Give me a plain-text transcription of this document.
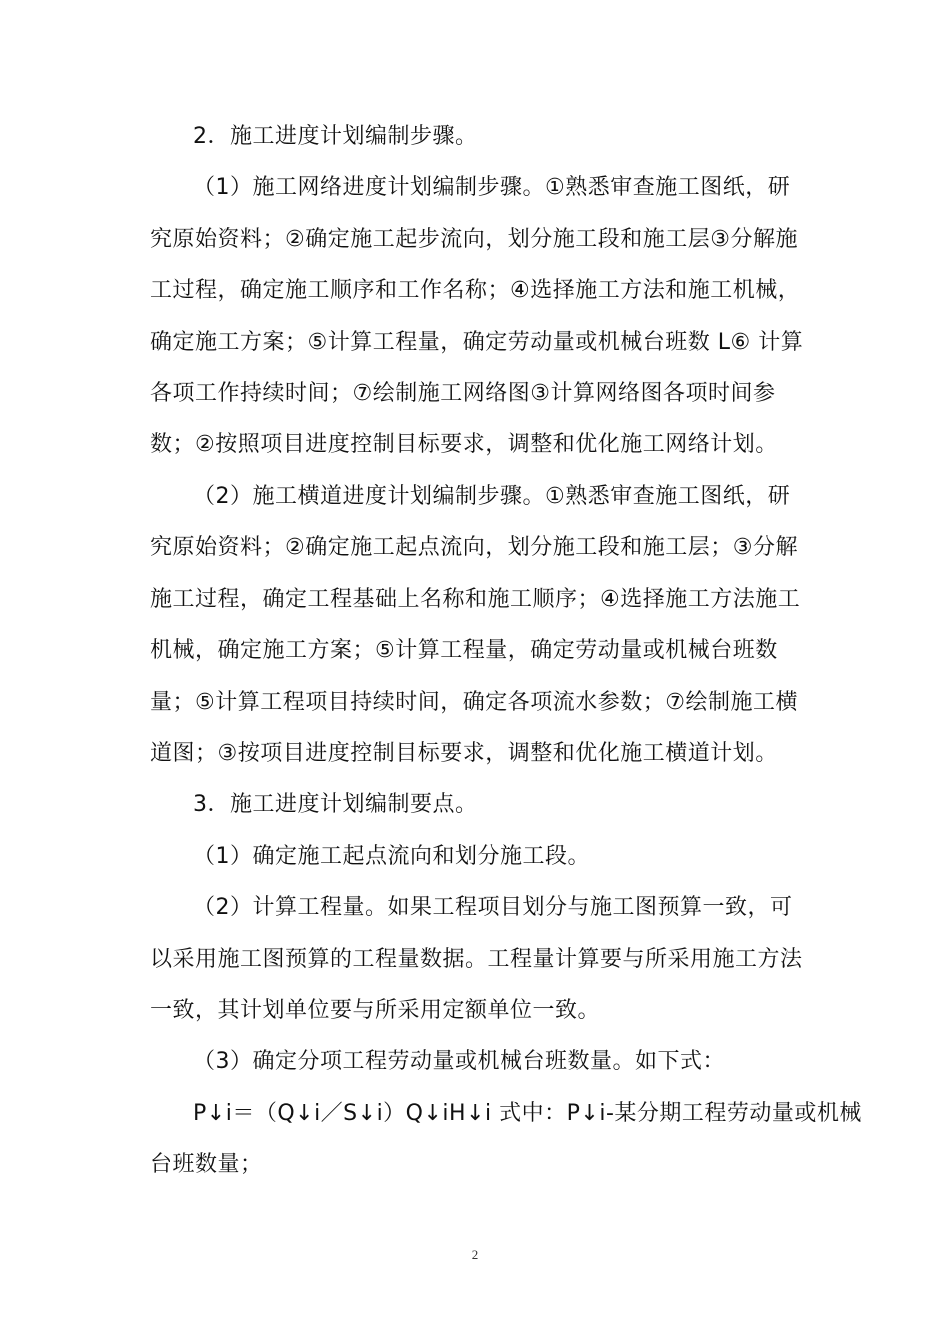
2．施工进度计划编制步骤。
（1）施工网络进度计划编制步骤。①熟悉审查施工图纸，研
究原始资料；②确定施工起步流向，划分施工段和施工层③分解施
工过程，确定施工顺序和工作名称；④选择施工方法和施工机械，
确定施工方案；⑤计算工程量，确定劳动量或机械台班数 L⑥ 计算
各项工作持续时间；⑦绘制施工网络图③计算网络图各项时间参
数；②按照项目进度控制目标要求，调整和优化施工网络计划。
（2）施工横道进度计划编制步骤。①熟悉审查施工图纸，研
究原始资料；②确定施工起点流向，划分施工段和施工层；③分解
施工过程，确定工程基础上名称和施工顺序；④选择施工方法施工
机械，确定施工方案；⑤计算工程量，确定劳动量或机械台班数
量；⑤计算工程项目持续时间，确定各项流水参数；⑦绘制施工横
道图；③按项目进度控制目标要求，调整和优化施工横道计划。
3．施工进度计划编制要点。
（1）确定施工起点流向和划分施工段。
（2）计算工程量。如果工程项目划分与施工图预算一致，可
以采用施工图预算的工程量数据。工程量计算要与所采用施工方法
一致，其计划单位要与所采用定额单位一致。
（3）确定分项工程劳动量或机械台班数量。如下式：
P↓i＝（Q↓i／S↓i）Q↓iH↓i 式中：P↓i-某分期工程劳动量或机械
台班数量；
2
